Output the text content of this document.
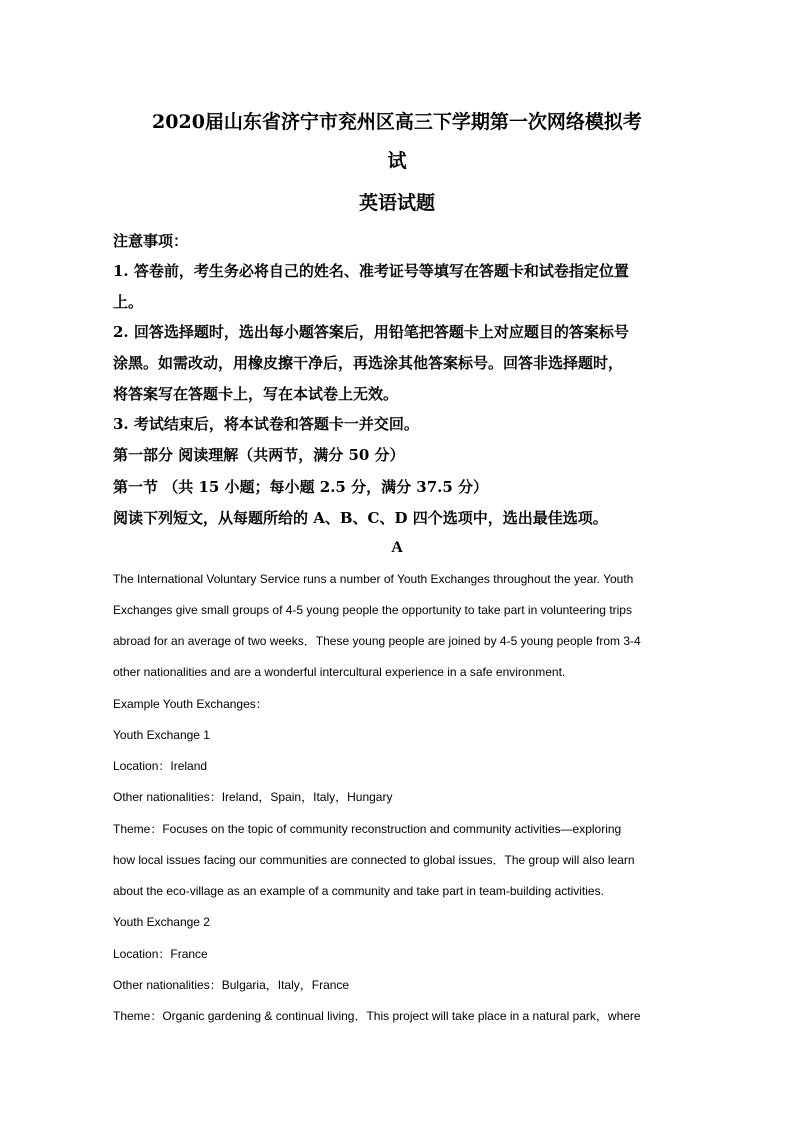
2020届山东省济宁市兖州区高三下学期第一次网络模拟考

试

英语试题

注意事项：

1. 答卷前，考生务必将自己的姓名、准考证号等填写在答题卡和试卷指定位置

上。

2. 回答选择题时，选出每小题答案后，用铅笔把答题卡上对应题目的答案标号

涂黑。如需改动，用橡皮擦干净后，再选涂其他答案标号。回答非选择题时，

将答案写在答题卡上，写在本试卷上无效。

3. 考试结束后，将本试卷和答题卡一并交回。

第一部分 阅读理解（共两节，满分 50 分）

第一节 （共 15 小题；每小题 2.5 分，满分 37.5 分）

阅读下列短文，从每题所给的 A、B、C、D 四个选项中，选出最佳选项。

A

The International Voluntary Service runs a number of Youth Exchanges throughout the year. Youth

Exchanges give small groups of 4-5 young people the opportunity to take part in volunteering trips

abroad for an average of two weeks．These young people are joined by 4-5 young people from 3-4

other nationalities and are a wonderful intercultural experience in a safe environment.

Example Youth Exchanges：

Youth Exchange 1

Location：Ireland

Other nationalities：Ireland，Spain，Italy，Hungary

Theme：Focuses on the topic of community reconstruction and community activities—exploring

how local issues facing our communities are connected to global issues．The group will also learn

about the eco-village as an example of a community and take part in team-building activities.

Youth Exchange 2

Location：France

Other nationalities：Bulgaria，Italy，France

Theme：Organic gardening & continual living．This project will take place in a natural park，where
